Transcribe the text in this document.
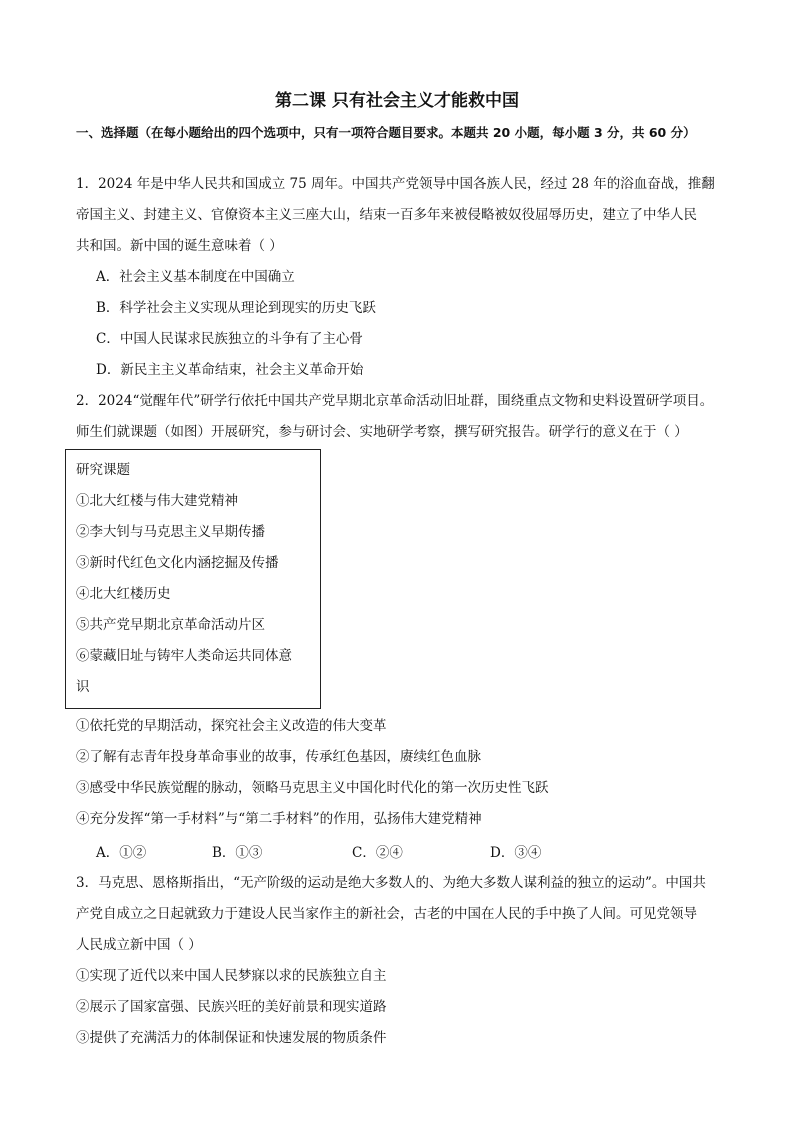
第二课 只有社会主义才能救中国
一、选择题（在每小题给出的四个选项中，只有一项符合题目要求。本题共 20 小题，每小题 3 分，共 60 分）
1．2024 年是中华人民共和国成立 75 周年。中国共产党领导中国各族人民，经过 28 年的浴血奋战，推翻
帝国主义、封建主义、官僚资本主义三座大山，结束一百多年来被侵略被奴役屈辱历史，建立了中华人民
共和国。新中国的诞生意味着（ ）
A．社会主义基本制度在中国确立
B．科学社会主义实现从理论到现实的历史飞跃
C．中国人民谋求民族独立的斗争有了主心骨
D．新民主主义革命结束，社会主义革命开始
2．2024“觉醒年代”研学行依托中国共产党早期北京革命活动旧址群，围绕重点文物和史料设置研学项目。
师生们就课题（如图）开展研究，参与研讨会、实地研学考察，撰写研究报告。研学行的意义在于（ ）
研究课题
①北大红楼与伟大建党精神
②李大钊与马克思主义早期传播
③新时代红色文化内涵挖掘及传播
④北大红楼历史
⑤共产党早期北京革命活动片区
⑥蒙藏旧址与铸牢人类命运共同体意
识
①依托党的早期活动，探究社会主义改造的伟大变革
②了解有志青年投身革命事业的故事，传承红色基因，赓续红色血脉
③感受中华民族觉醒的脉动，领略马克思主义中国化时代化的第一次历史性飞跃
④充分发挥“第一手材料”与“第二手材料”的作用，弘扬伟大建党精神
A．①②	B．①③	C．②④	D．③④
3．马克思、恩格斯指出，“无产阶级的运动是绝大多数人的、为绝大多数人谋利益的独立的运动”。中国共
产党自成立之日起就致力于建设人民当家作主的新社会，古老的中国在人民的手中换了人间。可见党领导
人民成立新中国（ ）
①实现了近代以来中国人民梦寐以求的民族独立自主
②展示了国家富强、民族兴旺的美好前景和现实道路
③提供了充满活力的体制保证和快速发展的物质条件
